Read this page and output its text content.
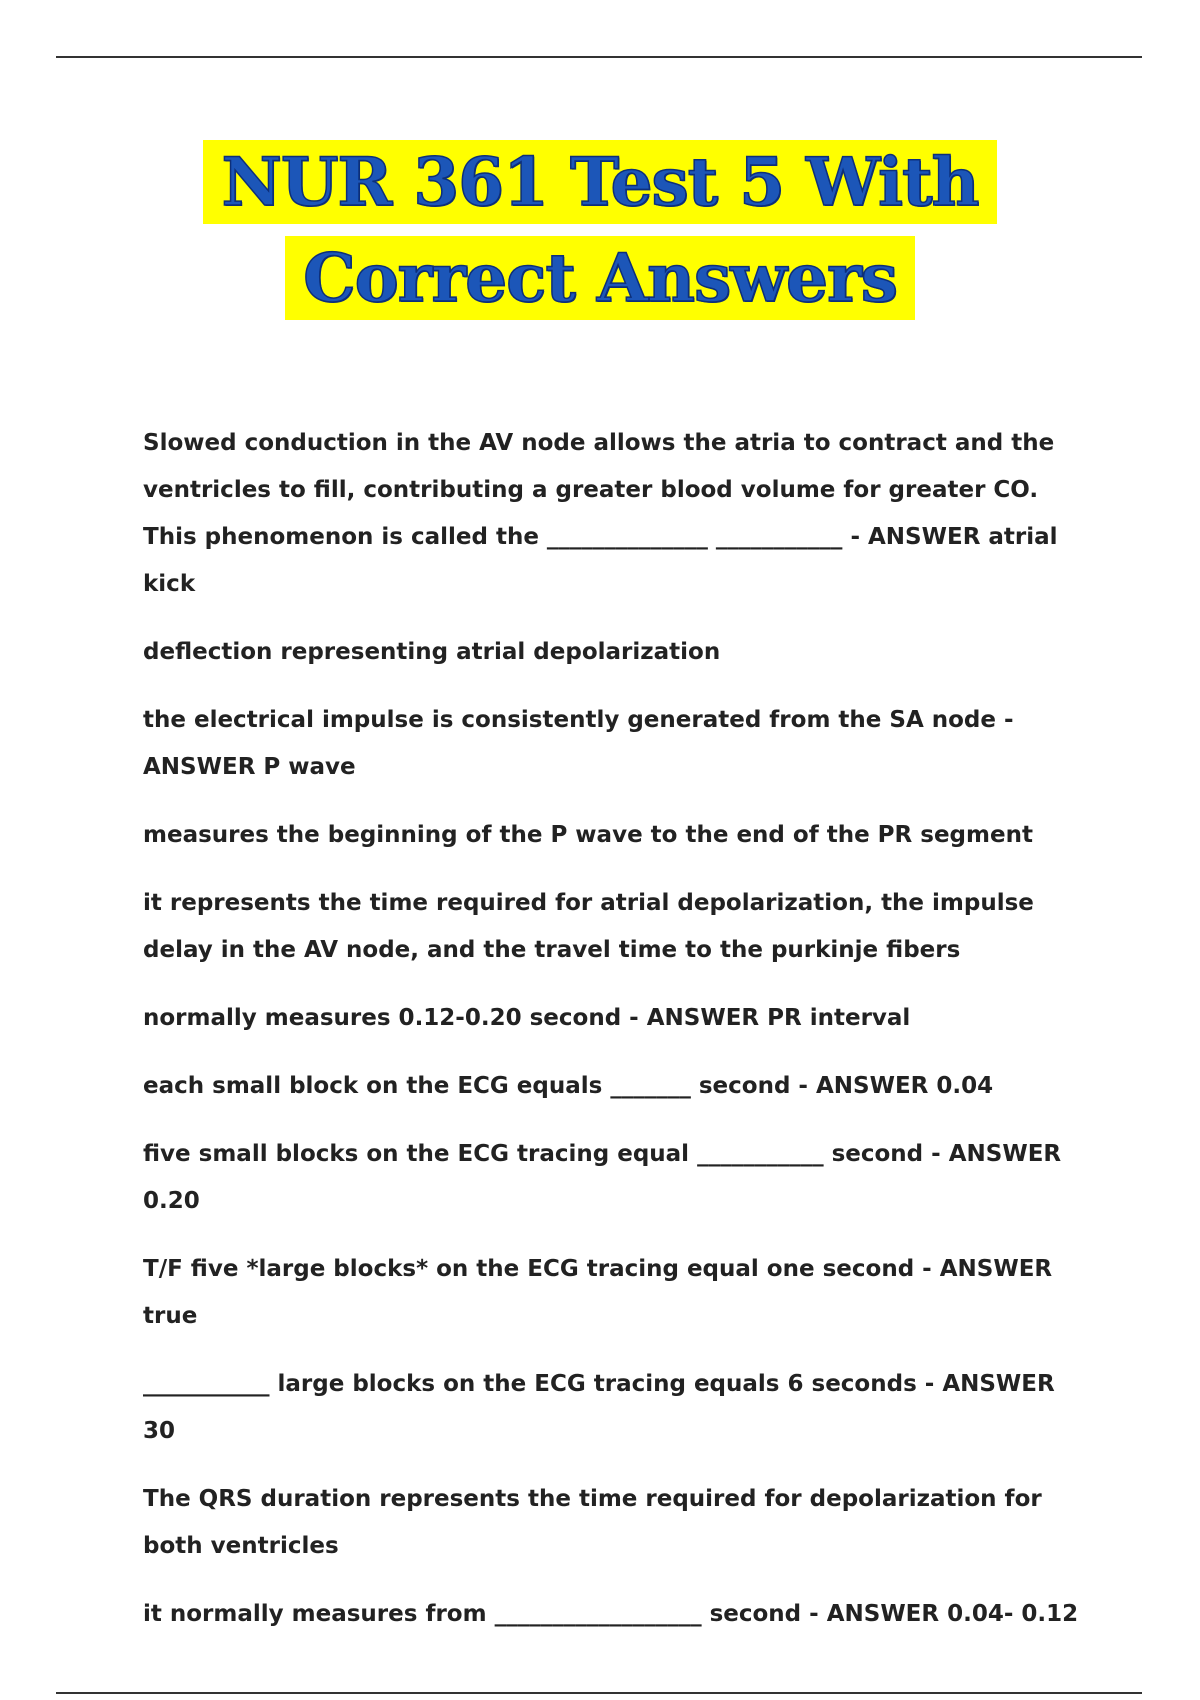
NUR 361 Test 5 With
Correct Answers

Slowed conduction in the AV node allows the atria to contract and the ventricles to fill, contributing a greater blood volume for greater CO. This phenomenon is called the ______________ ___________ - ANSWER atrial kick

deflection representing atrial depolarization

the electrical impulse is consistently generated from the SA node - ANSWER P wave

measures the beginning of the P wave to the end of the PR segment

it represents the time required for atrial depolarization, the impulse delay in the AV node, and the travel time to the purkinje fibers

normally measures 0.12-0.20 second - ANSWER PR interval

each small block on the ECG equals _______ second - ANSWER 0.04

five small blocks on the ECG tracing equal ___________ second - ANSWER 0.20

T/F five *large blocks* on the ECG tracing equal one second - ANSWER true

___________ large blocks on the ECG tracing equals 6 seconds - ANSWER 30

The QRS duration represents the time required for depolarization for both ventricles

it normally measures from __________________ second - ANSWER 0.04- 0.12
